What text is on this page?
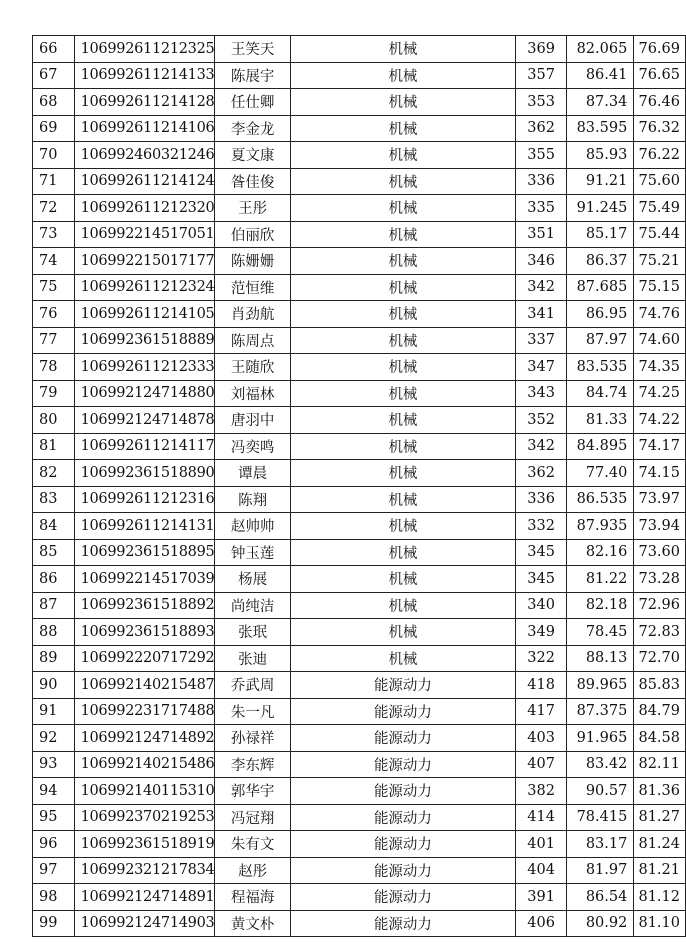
66	106992611212325	王笑天	机械	369	82.065	76.69
67	106992611214133	陈展宇	机械	357	86.41	76.65
68	106992611214128	任仕卿	机械	353	87.34	76.46
69	106992611214106	李金龙	机械	362	83.595	76.32
70	106992460321246	夏文康	机械	355	85.93	76.22
71	106992611214124	昝佳俊	机械	336	91.21	75.60
72	106992611212320	王彤	机械	335	91.245	75.49
73	106992214517051	伯丽欣	机械	351	85.17	75.44
74	106992215017177	陈姗姗	机械	346	86.37	75.21
75	106992611212324	范恒维	机械	342	87.685	75.15
76	106992611214105	肖劲航	机械	341	86.95	74.76
77	106992361518889	陈周点	机械	337	87.97	74.60
78	106992611212333	王随欣	机械	347	83.535	74.35
79	106992124714880	刘福林	机械	343	84.74	74.25
80	106992124714878	唐羽中	机械	352	81.33	74.22
81	106992611214117	冯奕鸣	机械	342	84.895	74.17
82	106992361518890	谭晨	机械	362	77.40	74.15
83	106992611212316	陈翔	机械	336	86.535	73.97
84	106992611214131	赵帅帅	机械	332	87.935	73.94
85	106992361518895	钟玉莲	机械	345	82.16	73.60
86	106992214517039	杨展	机械	345	81.22	73.28
87	106992361518892	尚纯洁	机械	340	82.18	72.96
88	106992361518893	张珉	机械	349	78.45	72.83
89	106992220717292	张迪	机械	322	88.13	72.70
90	106992140215487	乔武周	能源动力	418	89.965	85.83
91	106992231717488	朱一凡	能源动力	417	87.375	84.79
92	106992124714892	孙禄祥	能源动力	403	91.965	84.58
93	106992140215486	李东辉	能源动力	407	83.42	82.11
94	106992140115310	郭华宇	能源动力	382	90.57	81.36
95	106992370219253	冯冠翔	能源动力	414	78.415	81.27
96	106992361518919	朱有文	能源动力	401	83.17	81.24
97	106992321217834	赵彤	能源动力	404	81.97	81.21
98	106992124714891	程福海	能源动力	391	86.54	81.12
99	106992124714903	黄文朴	能源动力	406	80.92	81.10
